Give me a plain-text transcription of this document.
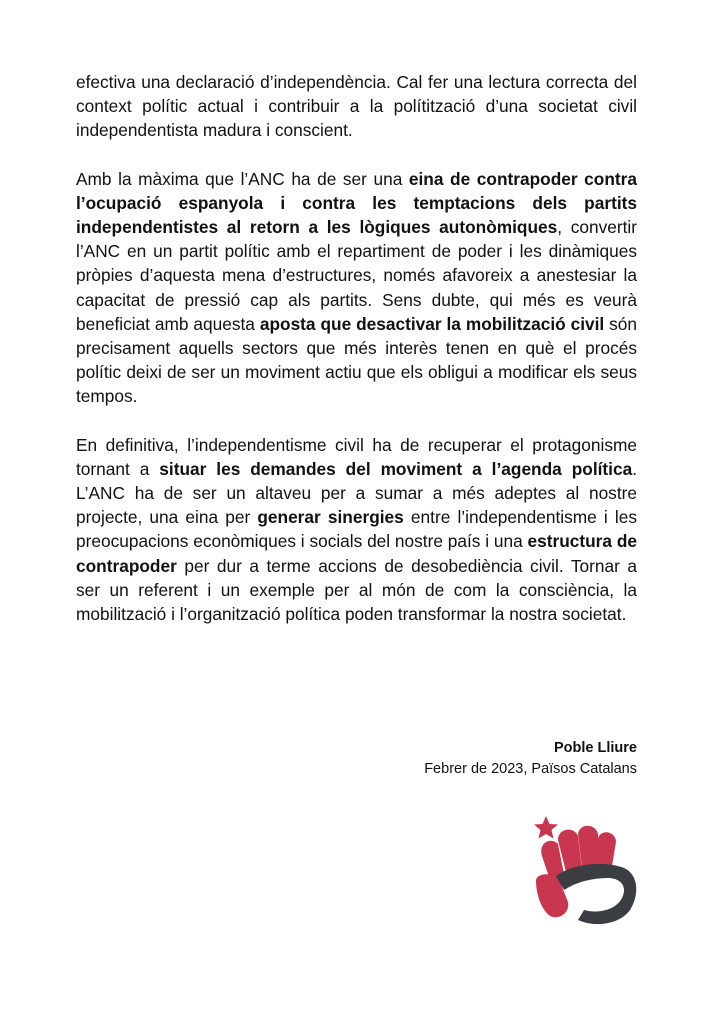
efectiva una declaració d’independència. Cal fer una lectura correcta del context polític actual i contribuir a la polítització d’una societat civil independentista madura i conscient.

Amb la màxima que l’ANC ha de ser una eina de contrapoder contra l’ocupació espanyola i contra les temptacions dels partits independentistes al retorn a les lògiques autonòmiques, convertir l’ANC en un partit polític amb el repartiment de poder i les dinàmiques pròpies d’aquesta mena d’estructures, només afavoreix a anestesiar la capacitat de pressió cap als partits. Sens dubte, qui més es veurà beneficiat amb aquesta aposta que desactivar la mobilització civil són precisament aquells sectors que més interès tenen en què el procés polític deixi de ser un moviment actiu que els obligui a modificar els seus tempos.

En definitiva, l’independentisme civil ha de recuperar el protagonisme tornant a situar les demandes del moviment a l’agenda política. L’ANC ha de ser un altaveu per a sumar a més adeptes al nostre projecte, una eina per generar sinergies entre l’independentisme i les preocupacions econòmiques i socials del nostre país i una estructura de contrapoder per dur a terme accions de desobediència civil. Tornar a ser un referent i un exemple per al món de com la consciència, la mobilització i l’organització política poden transformar la nostra societat.

Poble Lliure
Febrer de 2023, Països Catalans
